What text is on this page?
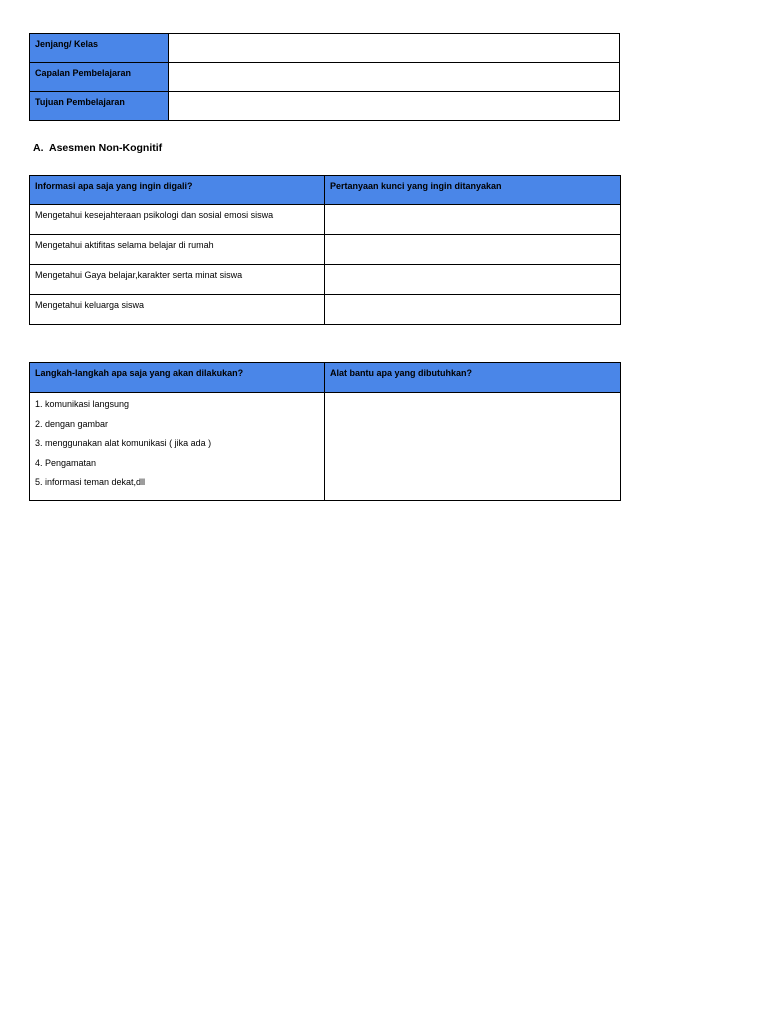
Jenjang/ Kelas	
Capalan Pembelajaran	
Tujuan Pembelajaran	
A. Asesmen Non-Kognitif
Informasi apa saja yang ingin digali?	Pertanyaan kunci yang ingin ditanyakan
Mengetahui kesejahteraan psikologi dan sosial emosi siswa	
Mengetahui aktifitas selama belajar di rumah	
Mengetahui Gaya belajar,karakter serta minat siswa	
Mengetahui keluarga siswa	
Langkah-langkah apa saja yang akan dilakukan?	Alat bantu apa yang dibutuhkan?

1. komunikasi langsung
2. dengan gambar
3. menggunakan alat komunikasi ( jika ada )
4. Pengamatan
5. informasi teman dekat,dll	
